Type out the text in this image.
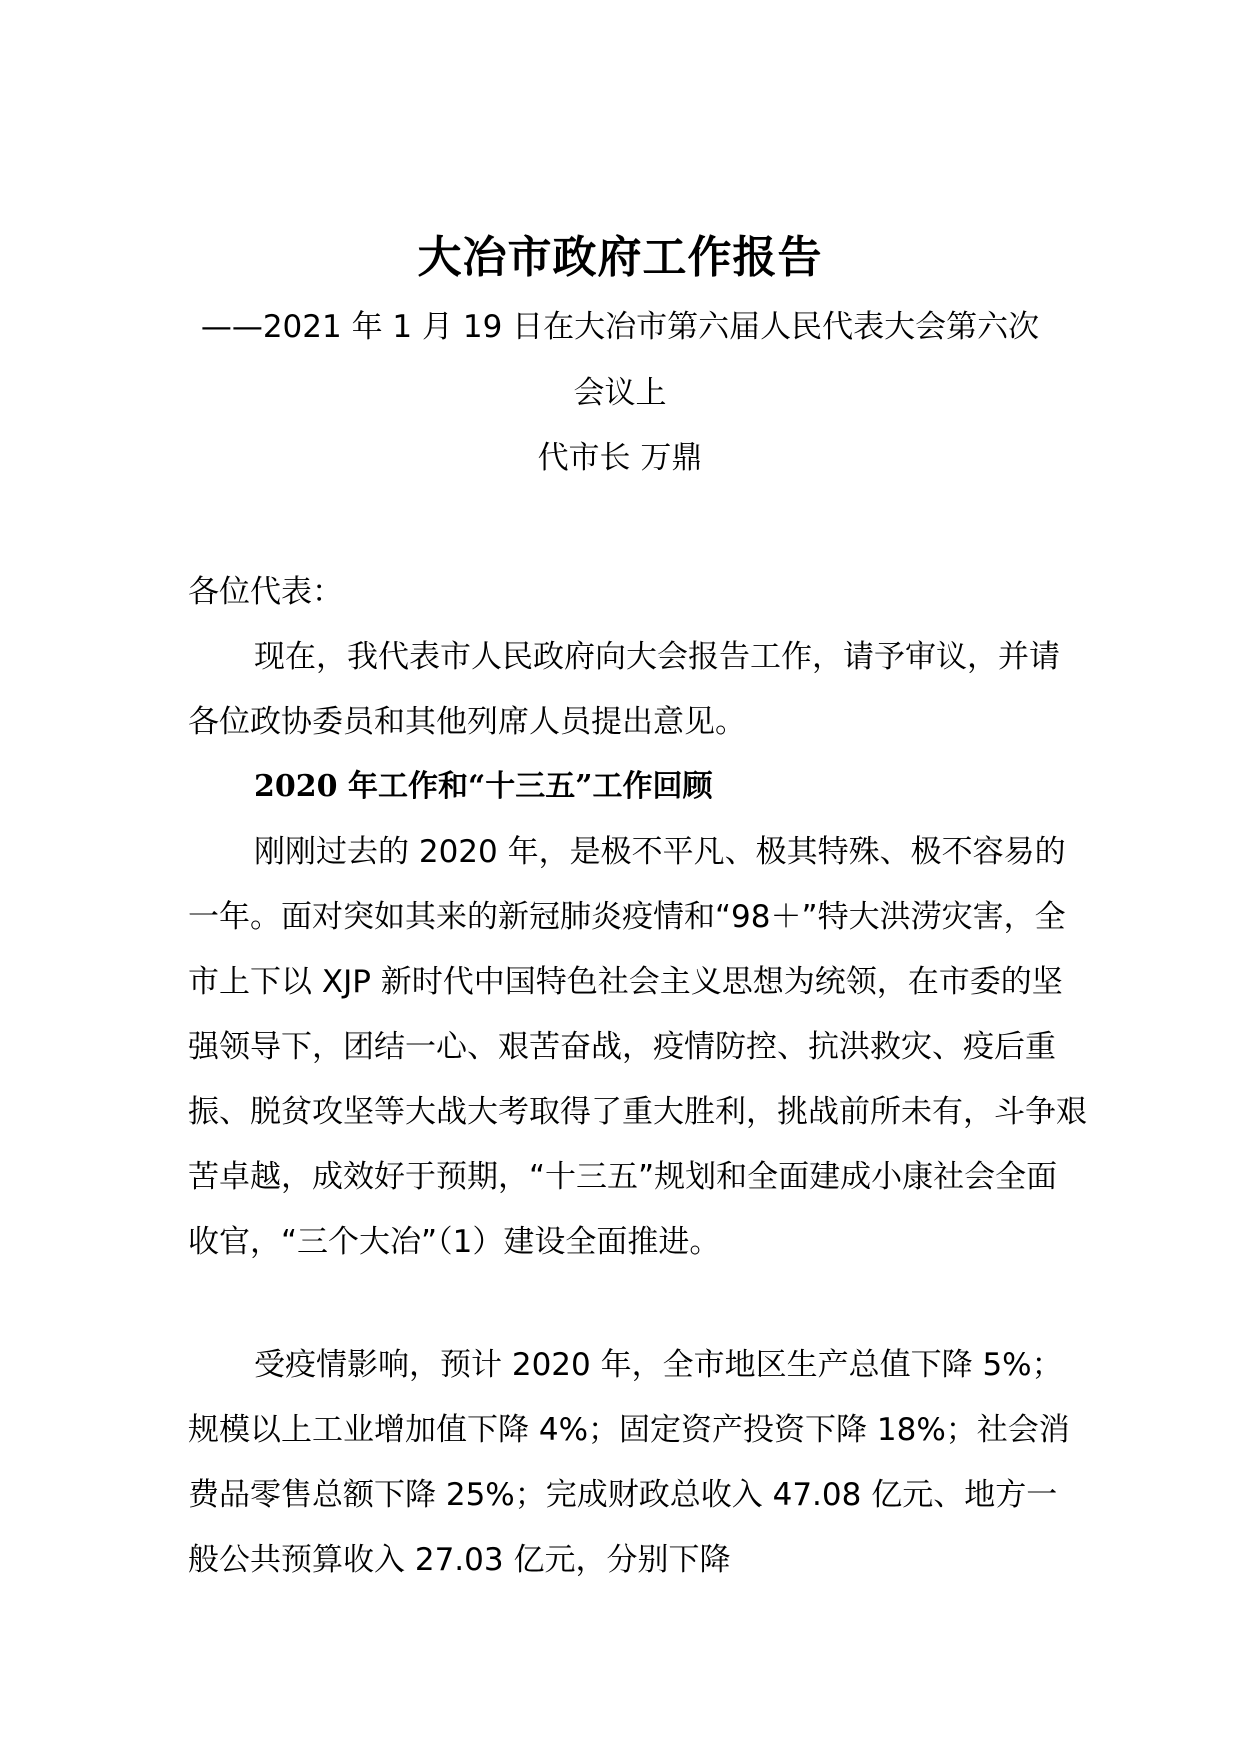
大冶市政府工作报告
——2021 年 1 月 19 日在大冶市第六届人民代表大会第六次
会议上
代市长 万鼎
各位代表：
现在，我代表市人民政府向大会报告工作，请予审议，并请各位政协委员和其他列席人员提出意见。
2020 年工作和“十三五”工作回顾
刚刚过去的 2020 年，是极不平凡、极其特殊、极不容易的一年。面对突如其来的新冠肺炎疫情和“98＋”特大洪涝灾害，全市上下以 XJP 新时代中国特色社会主义思想为统领，在市委的坚强领导下，团结一心、艰苦奋战，疫情防控、抗洪救灾、疫后重振、脱贫攻坚等大战大考取得了重大胜利，挑战前所未有，斗争艰苦卓越，成效好于预期，“十三五”规划和全面建成小康社会全面收官，“三个大冶”（1）建设全面推进。
受疫情影响，预计 2020 年，全市地区生产总值下降 5%；规模以上工业增加值下降 4%；固定资产投资下降 18%；社会消费品零售总额下降 25%；完成财政总收入 47.08 亿元、地方一般公共预算收入 27.03 亿元，分别下降
